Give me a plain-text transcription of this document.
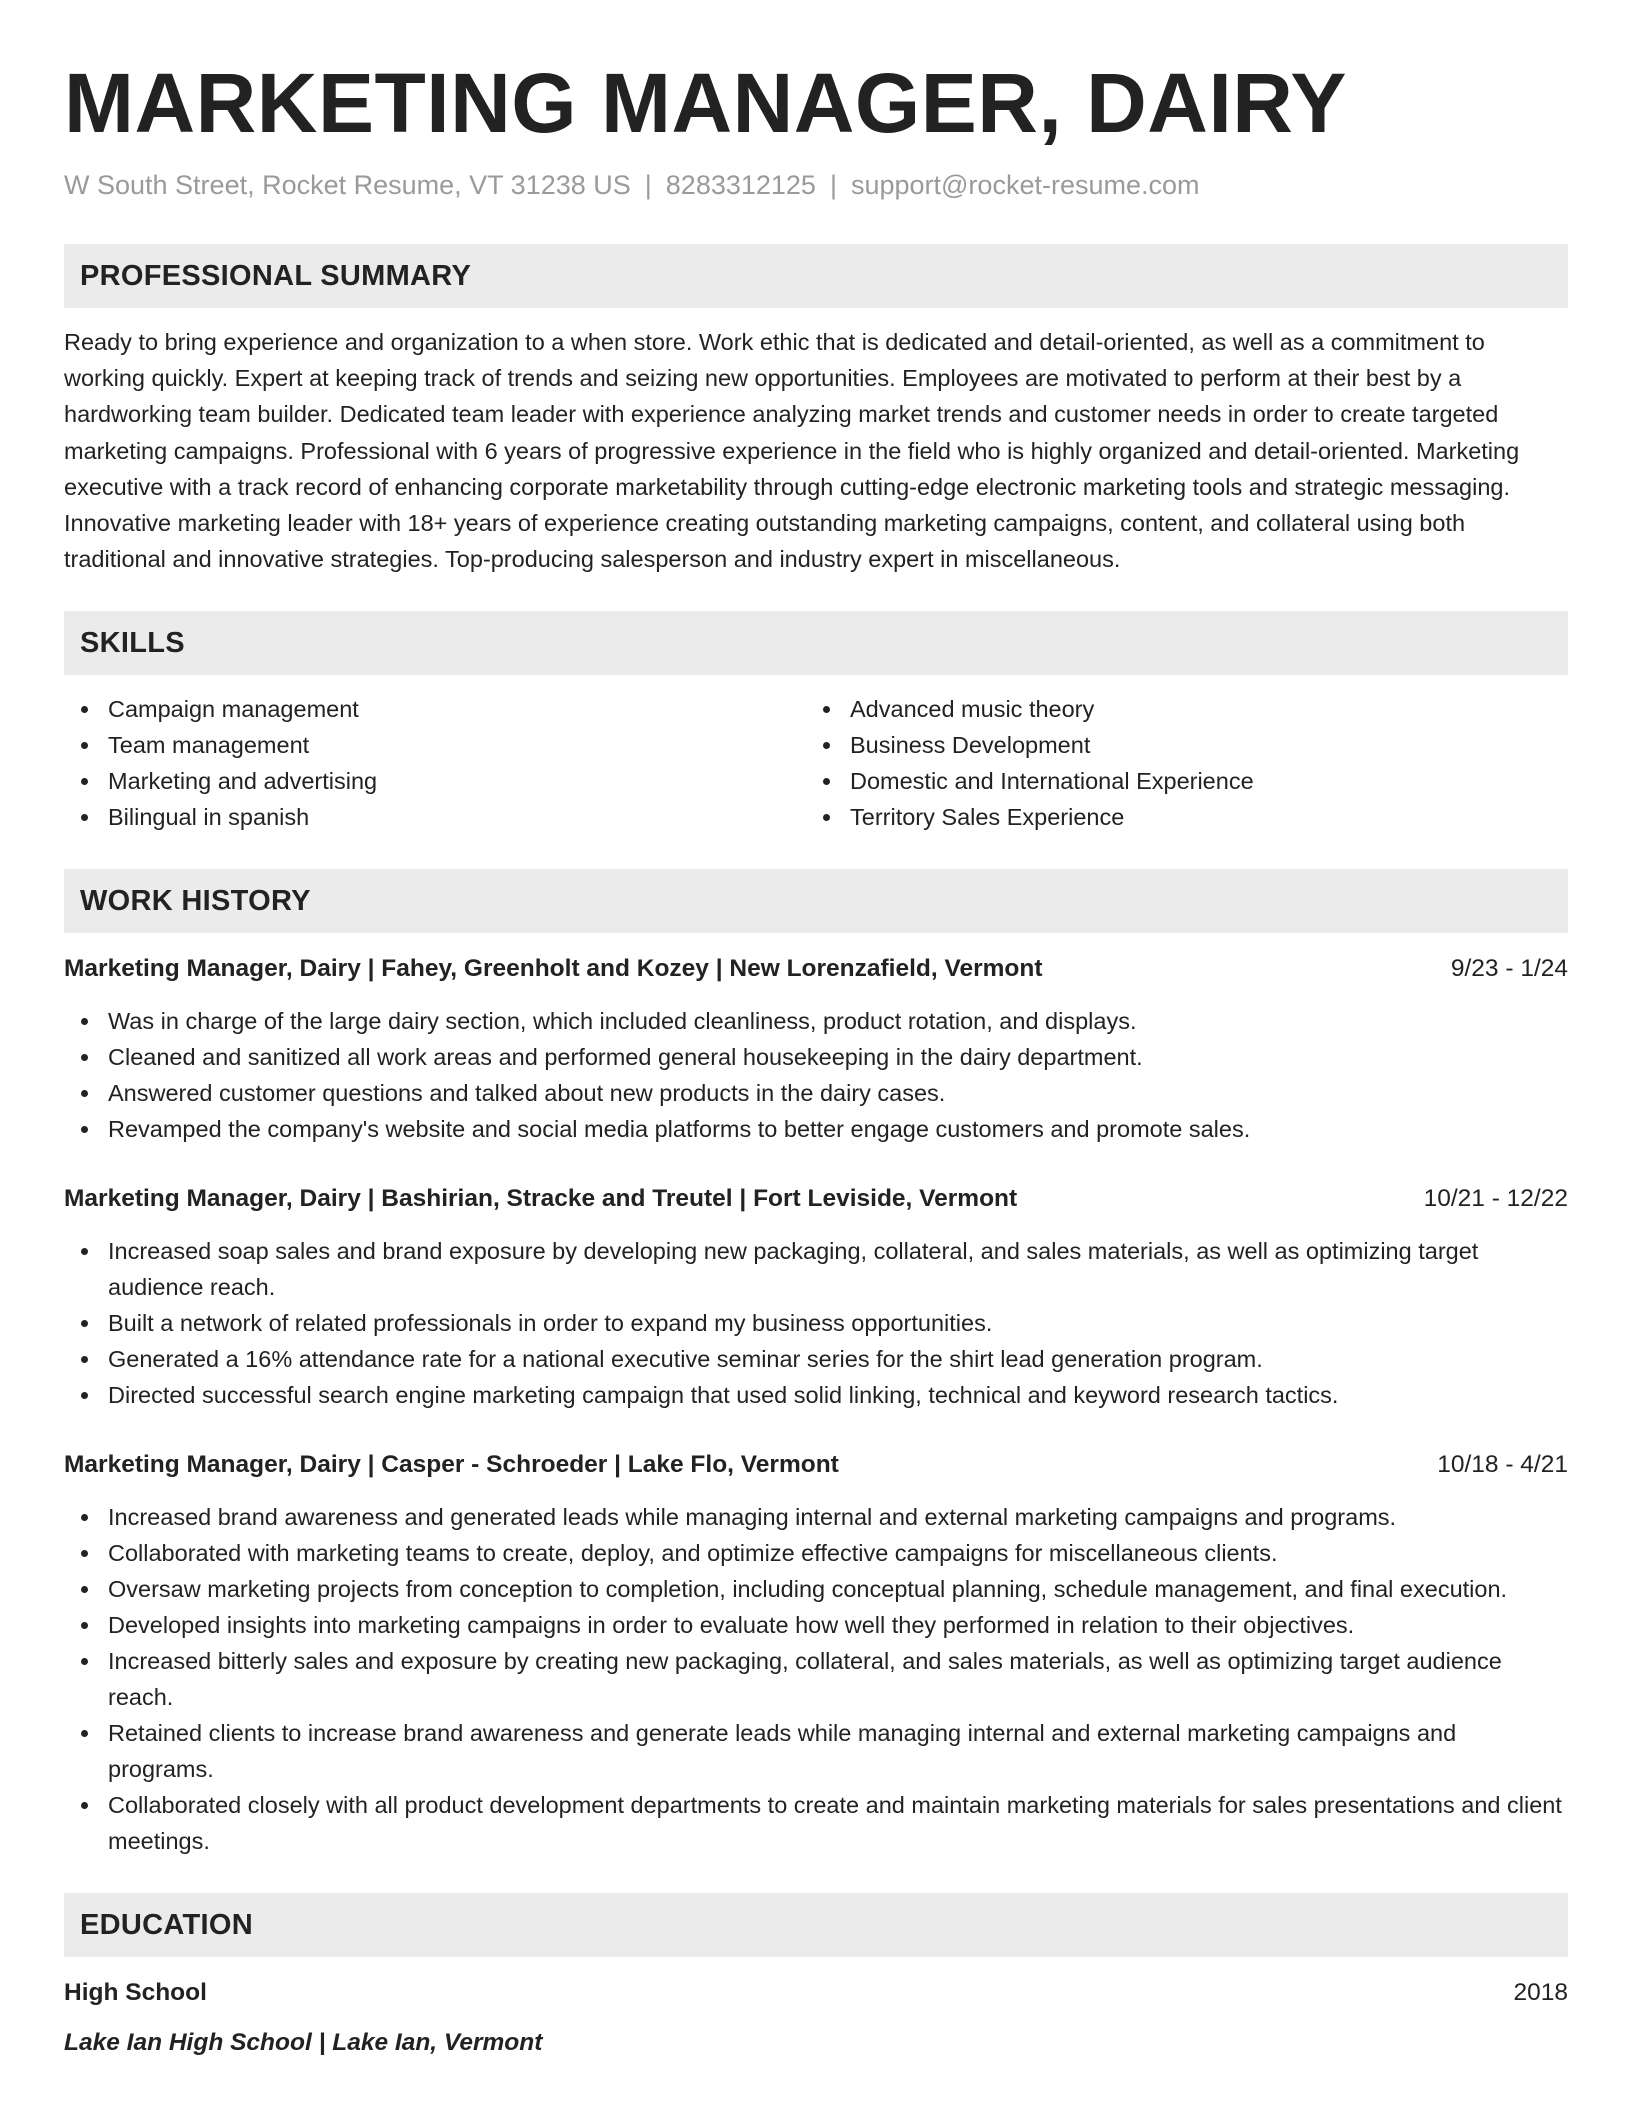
MARKETING MANAGER, DAIRY
W South Street, Rocket Resume, VT 31238 US | 8283312125 | support@rocket-resume.com
PROFESSIONAL SUMMARY
Ready to bring experience and organization to a when store. Work ethic that is dedicated and detail-oriented, as well as a commitment to working quickly. Expert at keeping track of trends and seizing new opportunities. Employees are motivated to perform at their best by a hardworking team builder. Dedicated team leader with experience analyzing market trends and customer needs in order to create targeted marketing campaigns. Professional with 6 years of progressive experience in the field who is highly organized and detail-oriented. Marketing executive with a track record of enhancing corporate marketability through cutting-edge electronic marketing tools and strategic messaging. Innovative marketing leader with 18+ years of experience creating outstanding marketing campaigns, content, and collateral using both traditional and innovative strategies. Top-producing salesperson and industry expert in miscellaneous.
SKILLS
Campaign management
Team management
Marketing and advertising
Bilingual in spanish
Advanced music theory
Business Development
Domestic and International Experience
Territory Sales Experience
WORK HISTORY
Marketing Manager, Dairy | Fahey, Greenholt and Kozey | New Lorenzafield, Vermont	9/23 - 1/24
Was in charge of the large dairy section, which included cleanliness, product rotation, and displays.
Cleaned and sanitized all work areas and performed general housekeeping in the dairy department.
Answered customer questions and talked about new products in the dairy cases.
Revamped the company's website and social media platforms to better engage customers and promote sales.
Marketing Manager, Dairy | Bashirian, Stracke and Treutel | Fort Leviside, Vermont	10/21 - 12/22
Increased soap sales and brand exposure by developing new packaging, collateral, and sales materials, as well as optimizing target audience reach.
Built a network of related professionals in order to expand my business opportunities.
Generated a 16% attendance rate for a national executive seminar series for the shirt lead generation program.
Directed successful search engine marketing campaign that used solid linking, technical and keyword research tactics.
Marketing Manager, Dairy | Casper - Schroeder | Lake Flo, Vermont	10/18 - 4/21
Increased brand awareness and generated leads while managing internal and external marketing campaigns and programs.
Collaborated with marketing teams to create, deploy, and optimize effective campaigns for miscellaneous clients.
Oversaw marketing projects from conception to completion, including conceptual planning, schedule management, and final execution.
Developed insights into marketing campaigns in order to evaluate how well they performed in relation to their objectives.
Increased bitterly sales and exposure by creating new packaging, collateral, and sales materials, as well as optimizing target audience reach.
Retained clients to increase brand awareness and generate leads while managing internal and external marketing campaigns and programs.
Collaborated closely with all product development departments to create and maintain marketing materials for sales presentations and client meetings.
EDUCATION
High School	2018
Lake Ian High School | Lake Ian, Vermont
